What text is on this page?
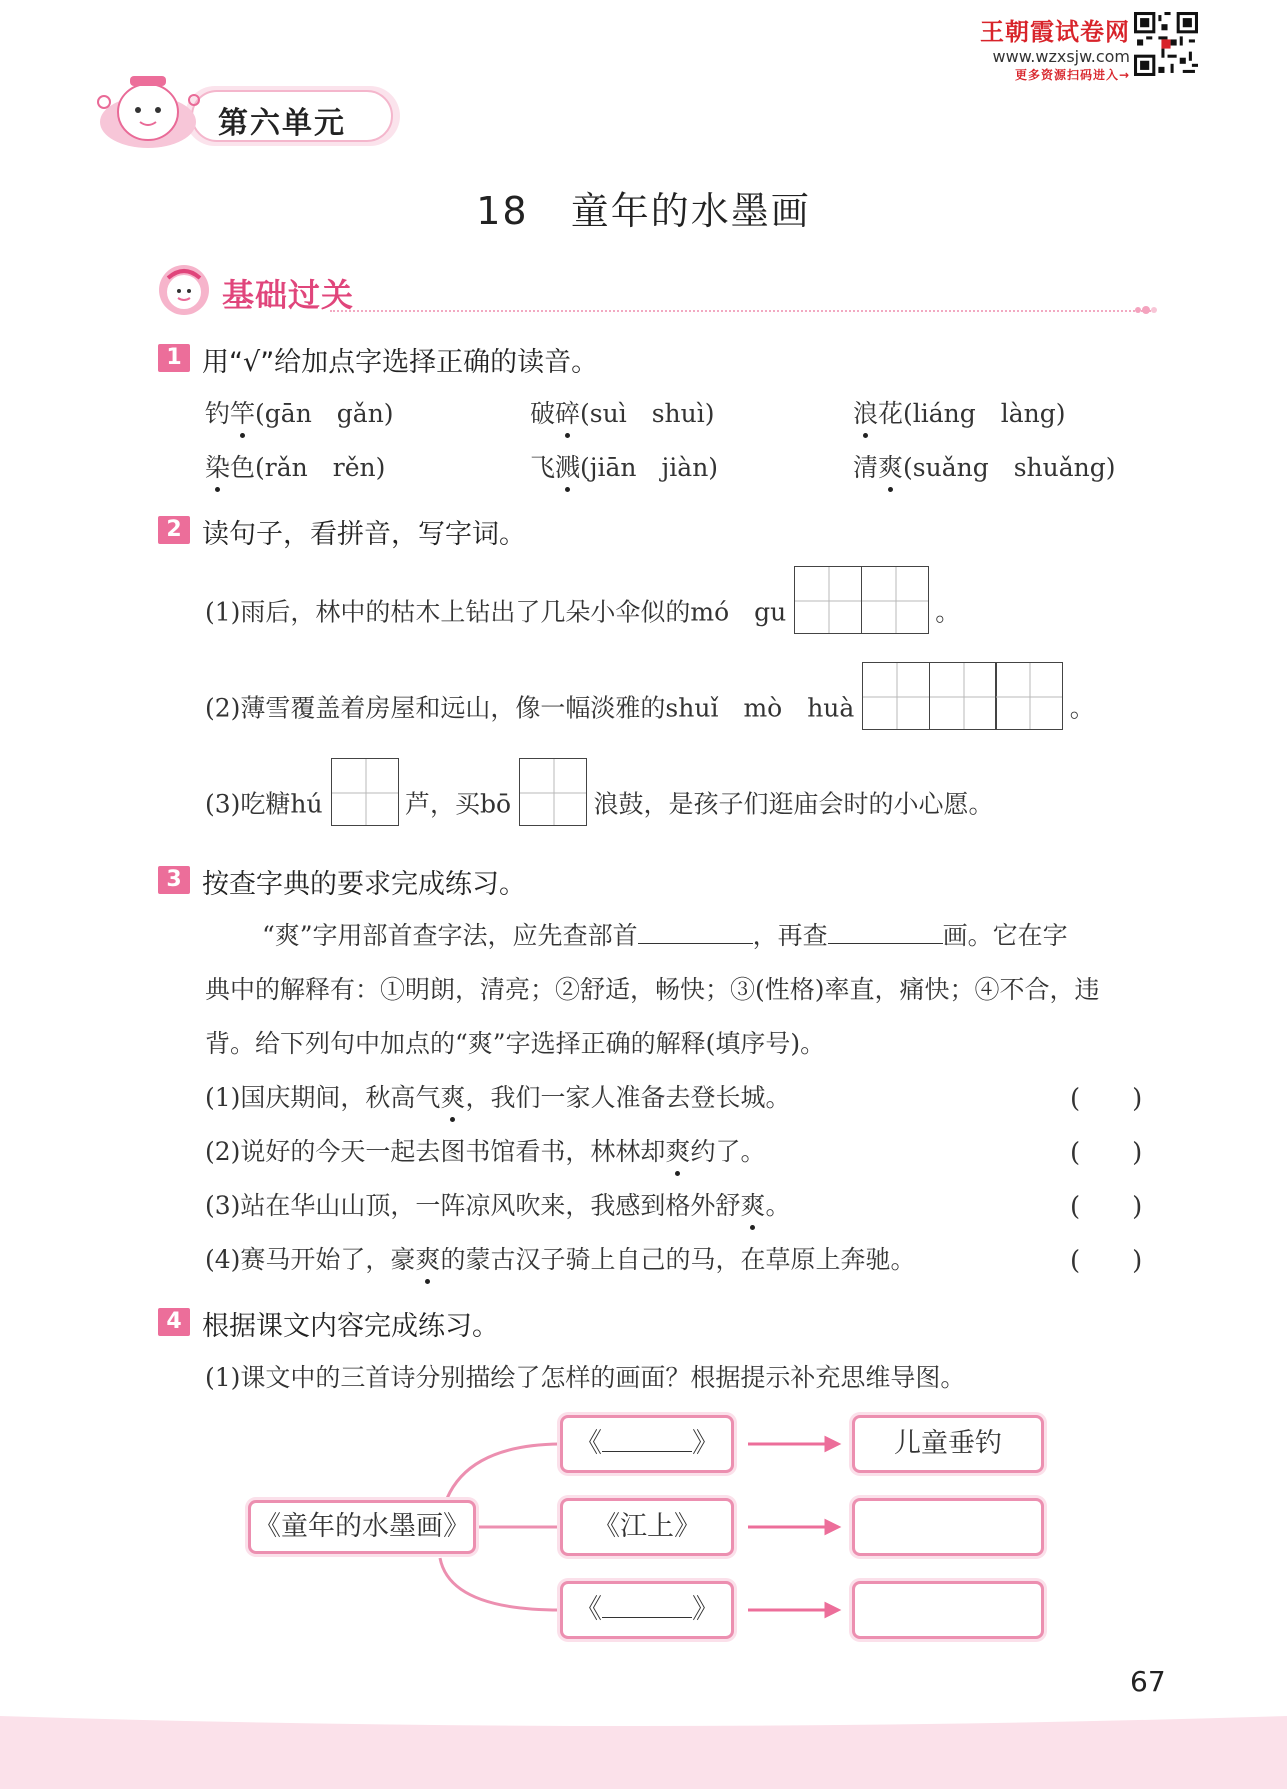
王朝霞试卷网
www.wzxsjw.com
更多资源扫码进入→
第六单元
18 童年的水墨画
基础过关
1 用“√”给加点字选择正确的读音。
钓竿(gān　gǎn)	破碎(suì　shuì)	浪花(liáng　làng)
染色(rǎn　rěn)	飞溅(jiān　jiàn)	清爽(suǎng　shuǎng)
2 读句子，看拼音，写字词。
(1)雨后，林中的枯木上钻出了几朵小伞似的mó　gu	。
(2)薄雪覆盖着房屋和远山，像一幅淡雅的shuǐ　mò　huà	。
(3)吃糖hú	芦，买bō	浪鼓，是孩子们逛庙会时的小心愿。
3 按查字典的要求完成练习。
“爽”字用部首查字法，应先查部首	，再查	画。它在字
典中的解释有：①明朗，清亮；②舒适，畅快；③(性格)率直，痛快；④不合，违
背。给下列句中加点的“爽”字选择正确的解释(填序号)。
(1)国庆期间，秋高气爽，我们一家人准备去登长城。	(　　)
(2)说好的今天一起去图书馆看书，林林却爽约了。	(　　)
(3)站在华山山顶，一阵凉风吹来，我感到格外舒爽。	(　　)
(4)赛马开始了，豪爽的蒙古汉子骑上自己的马，在草原上奔驰。	(　　)
4 根据课文内容完成练习。
(1)课文中的三首诗分别描绘了怎样的画面？根据提示补充思维导图。
《童年的水墨画》
《	》
《江上》
《	》
儿童垂钓
67
